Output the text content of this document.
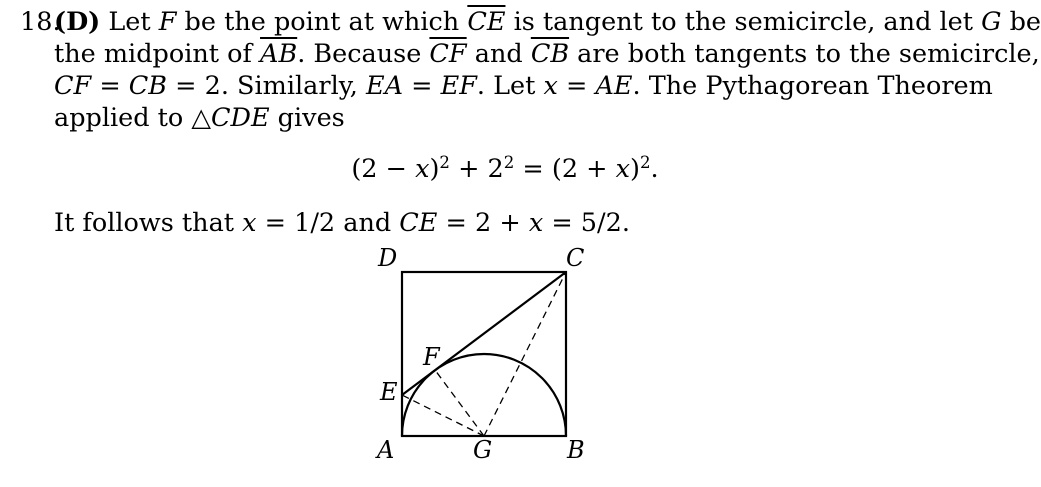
18.(D) Let F be the point at which $\overline{CE}$ is tangent to the semicircle, and let G be
the midpoint of $\overline{AB}$. Because $\overline{CF}$ and $\overline{CB}$ are both tangents to the semicircle,
CF = CB = 2. Similarly, EA = EF. Let x = AE. The Pythagorean Theorem
applied to △CDE gives
$(2 - x)^2 + 2^2 = (2 + x)^2$.
It follows that x = 1/2 and CE = 2 + x = 5/2.
D	C
F
E
A	G	B
